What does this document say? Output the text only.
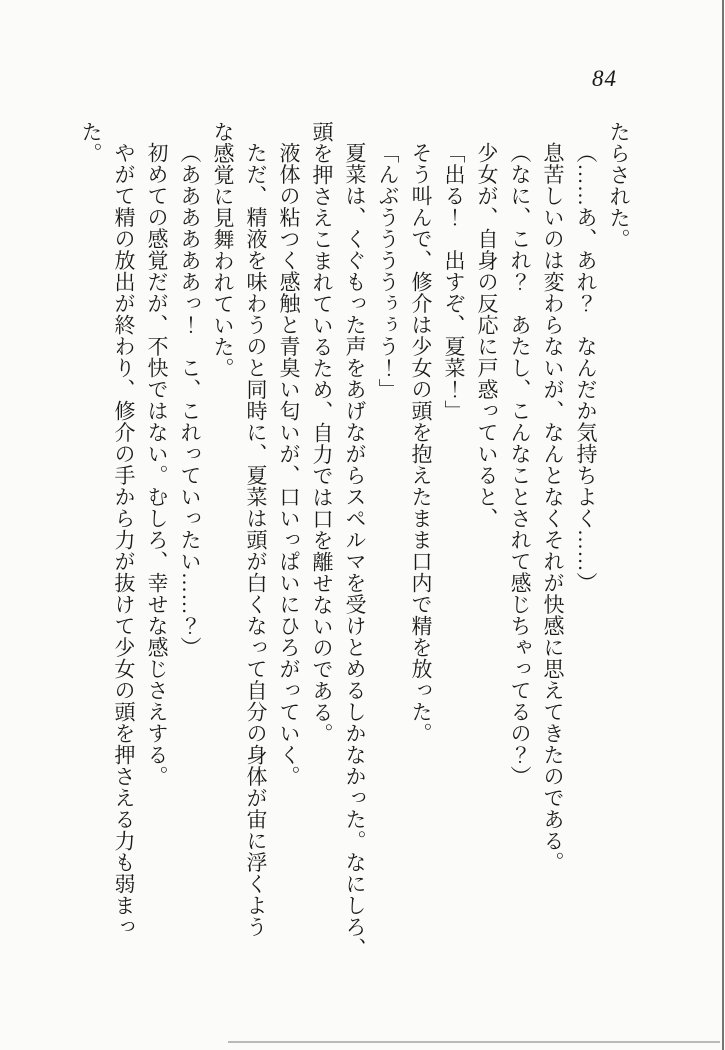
84
たらされた。
（……あ、あれ？　なんだか気持ちよく……）
息苦しいのは変わらないが、なんとなくそれが快感に思えてきたのである。
（なに、これ？　あたし、こんなことされて感じちゃってるの？）
少女が、自身の反応に戸惑っていると、
「出る！　出すぞ、夏菜！」
そう叫んで、修介は少女の頭を抱えたまま口内で精を放った。
「んぶううううぅぅう！」
夏菜は、くぐもった声をあげながらスペルマを受けとめるしかなかった。なにしろ、
頭を押さえこまれているため、自力では口を離せないのである。
液体の粘つく感触と青臭い匂いが、口いっぱいにひろがっていく。
ただ、精液を味わうのと同時に、夏菜は頭が白くなって自分の身体が宙に浮くよう
な感覚に見舞われていた。
（ああああああっ！　こ、これっていったい……？）
初めての感覚だが、不快ではない。むしろ、幸せな感じさえする。
やがて精の放出が終わり、修介の手から力が抜けて少女の頭を押さえる力も弱まっ
た。
